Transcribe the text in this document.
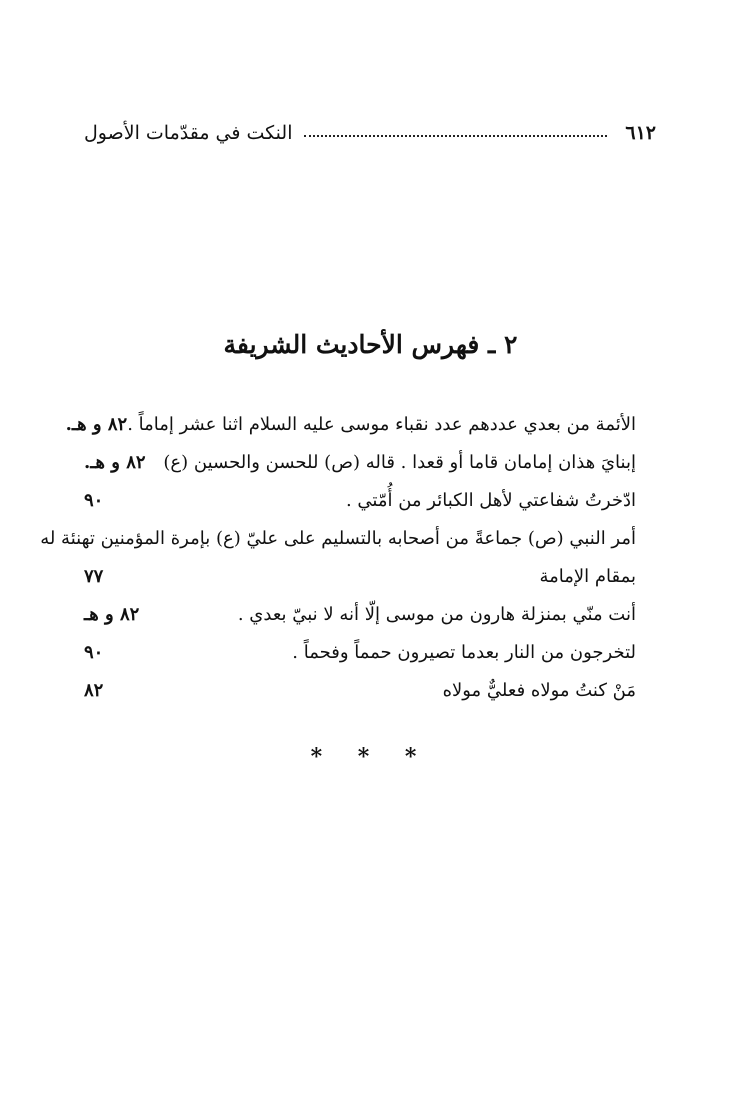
٦١٢
النكت في مقدّمات الأصول
٢ ـ فهرس الأحاديث الشريفة
الأئمة من بعدي عددهم عدد نقباء موسى عليه السلام اثنا عشر إماماً .
٨٢ و هـ.
إبنايَ هذان إمامان قاما أو قعدا . قاله (ص) للحسن والحسين (ع)
٨٢ و هـ.
ادّخرتُ شفاعتي لأهل الكبائر من أُمّتي .
٩٠
أمر النبي (ص) جماعةً من أصحابه بالتسليم على عليّ (ع) بإمرة المؤمنين تهنئة له
بمقام الإمامة
٧٧
أنت منّي بمنزلة هارون من موسى إلّا أنه لا نبيّ بعدي .
٨٢ و هـ
لتخرجون من النار بعدما تصيرون حمماً وفحماً .
٩٠
مَنْ كنتُ مولاه فعليٌّ مولاه
٨٢
* * *
